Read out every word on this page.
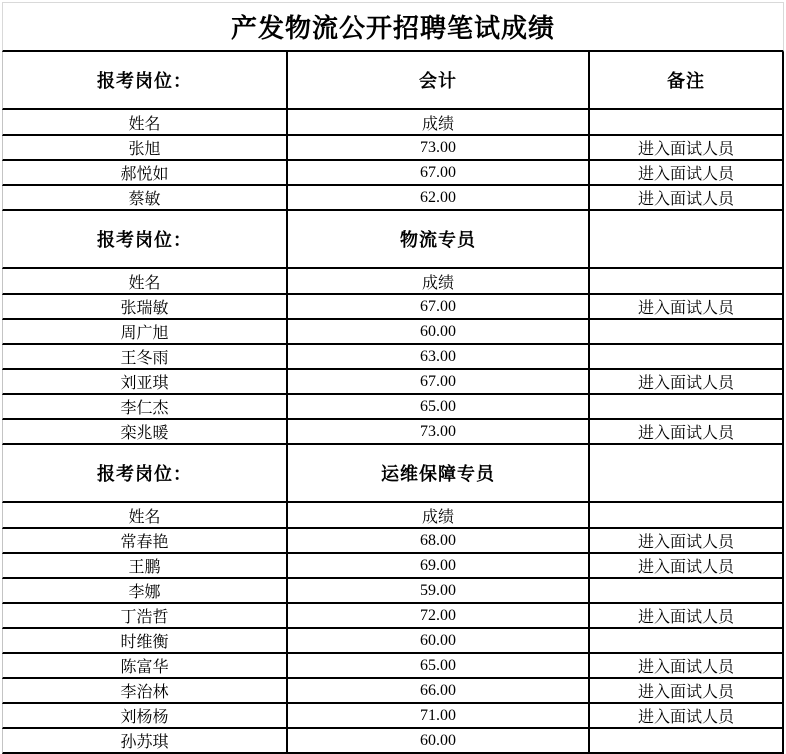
产发物流公开招聘笔试成绩		
报考岗位：	会计	备注
姓名	成绩	
张旭	73.00	进入面试人员
郝悦如	67.00	进入面试人员
蔡敏	62.00	进入面试人员
报考岗位：	物流专员	
姓名	成绩	
张瑞敏	67.00	进入面试人员
周广旭	60.00	
王冬雨	63.00	
刘亚琪	67.00	进入面试人员
李仁杰	65.00	
栾兆暖	73.00	进入面试人员
报考岗位：	运维保障专员	
姓名	成绩	
常春艳	68.00	进入面试人员
王鹏	69.00	进入面试人员
李娜	59.00	
丁浩哲	72.00	进入面试人员
时维衡	60.00	
陈富华	65.00	进入面试人员
李治林	66.00	进入面试人员
刘杨杨	71.00	进入面试人员
孙苏琪	60.00	
